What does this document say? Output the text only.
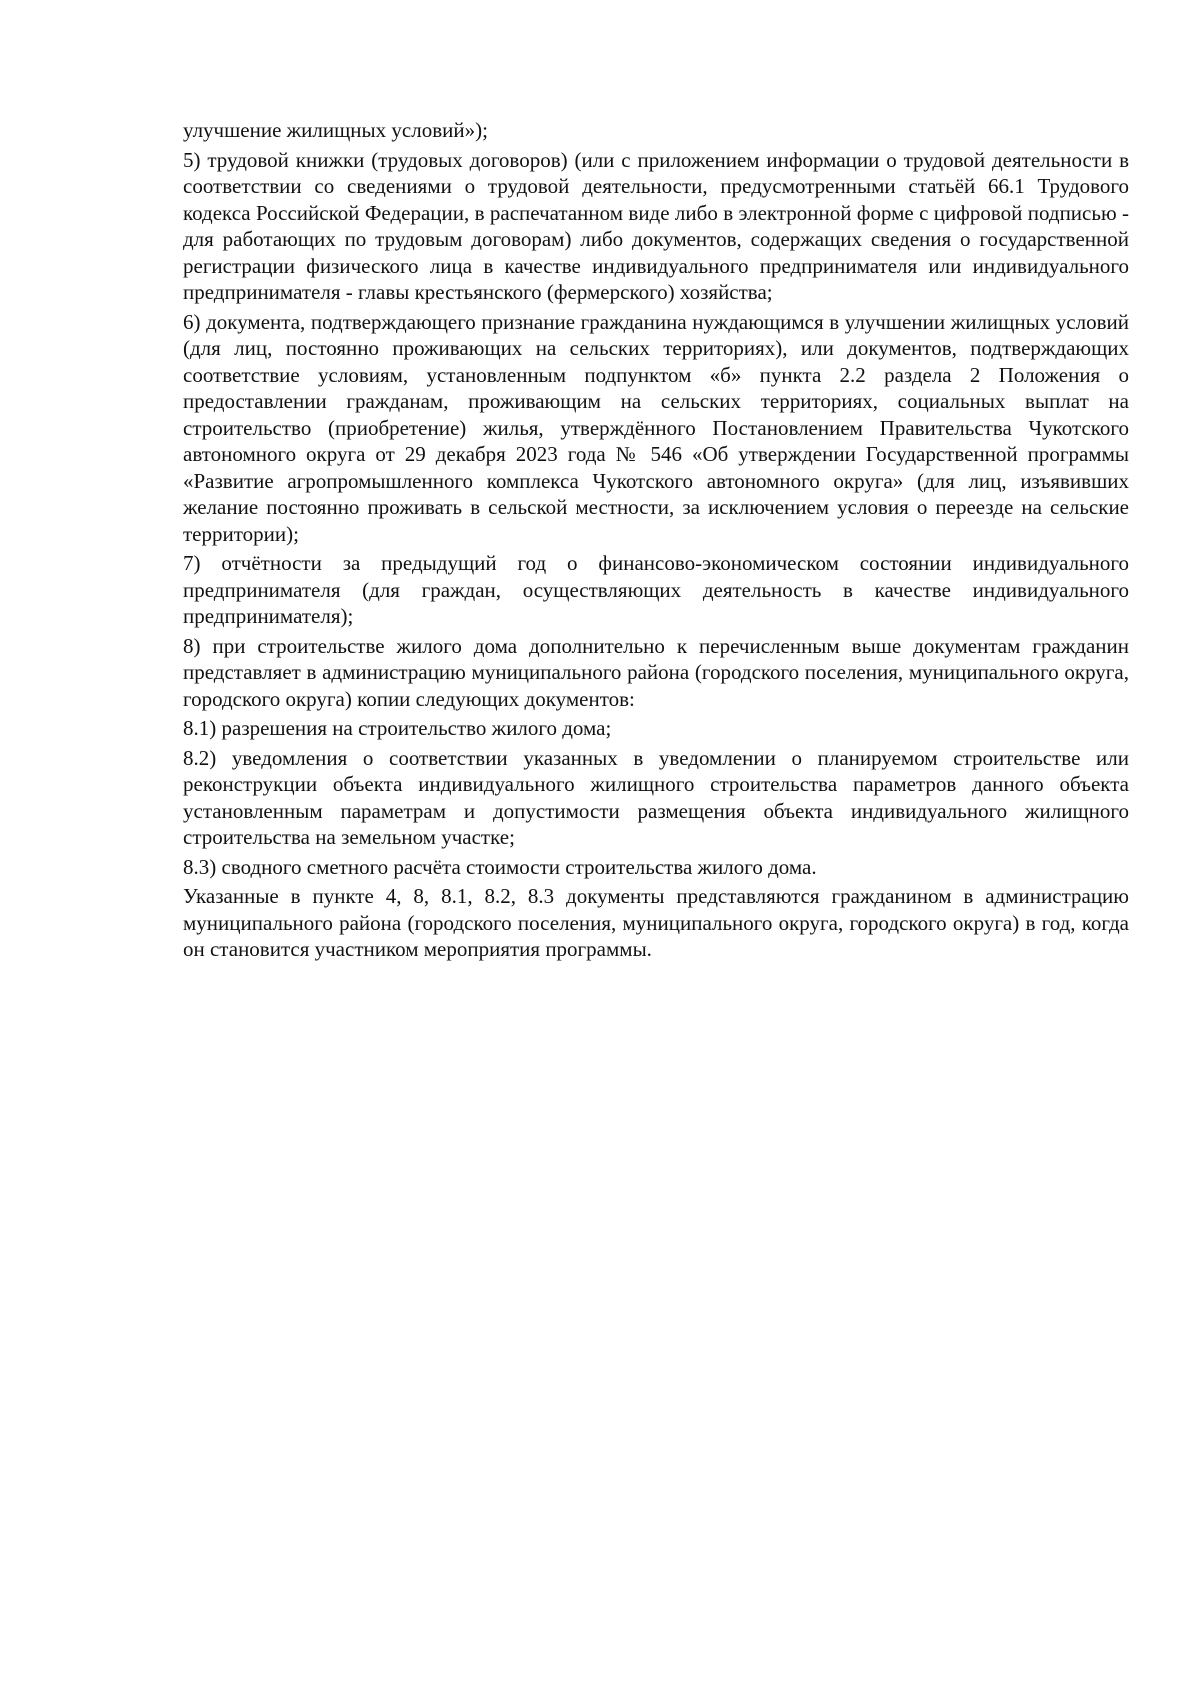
улучшение жилищных условий»);

5) трудовой книжки (трудовых договоров) (или с приложением информации о трудовой деятельности в соответствии со сведениями о трудовой деятельности, предусмотренными статьёй 66.1 Трудового кодекса Российской Федерации, в распечатанном виде либо в электронной форме с цифровой подписью - для работающих по трудовым договорам) либо документов, содержащих сведения о государственной регистрации физического лица в качестве индивидуального предпринимателя или индивидуального предпринимателя - главы крестьянского (фермерского) хозяйства;

6) документа, подтверждающего признание гражданина нуждающимся в улучшении жилищных условий (для лиц, постоянно проживающих на сельских территориях), или документов, подтверждающих соответствие условиям, установленным подпунктом «б» пункта 2.2 раздела 2 Положения о предоставлении гражданам, проживающим на сельских территориях, социальных выплат на строительство (приобретение) жилья, утверждённого Постановлением Правительства Чукотского автономного округа от 29 декабря 2023 года № 546 «Об утверждении Государственной программы «Развитие агропромышленного комплекса Чукотского автономного округа» (для лиц, изъявивших желание постоянно проживать в сельской местности, за исключением условия о переезде на сельские территории);

7) отчётности за предыдущий год о финансово-экономическом состоянии индивидуального предпринимателя (для граждан, осуществляющих деятельность в качестве индивидуального предпринимателя);

8) при строительстве жилого дома дополнительно к перечисленным выше документам гражданин представляет в администрацию муниципального района (городского поселения, муниципального округа, городского округа) копии следующих документов:

8.1) разрешения на строительство жилого дома;

8.2) уведомления о соответствии указанных в уведомлении о планируемом строительстве или реконструкции объекта индивидуального жилищного строительства параметров данного объекта установленным параметрам и допустимости размещения объекта индивидуального жилищного строительства на земельном участке;

8.3) сводного сметного расчёта стоимости строительства жилого дома.

Указанные в пункте 4, 8, 8.1, 8.2, 8.3 документы представляются гражданином в администрацию муниципального района (городского поселения, муниципального округа, городского округа) в год, когда он становится участником мероприятия программы.
